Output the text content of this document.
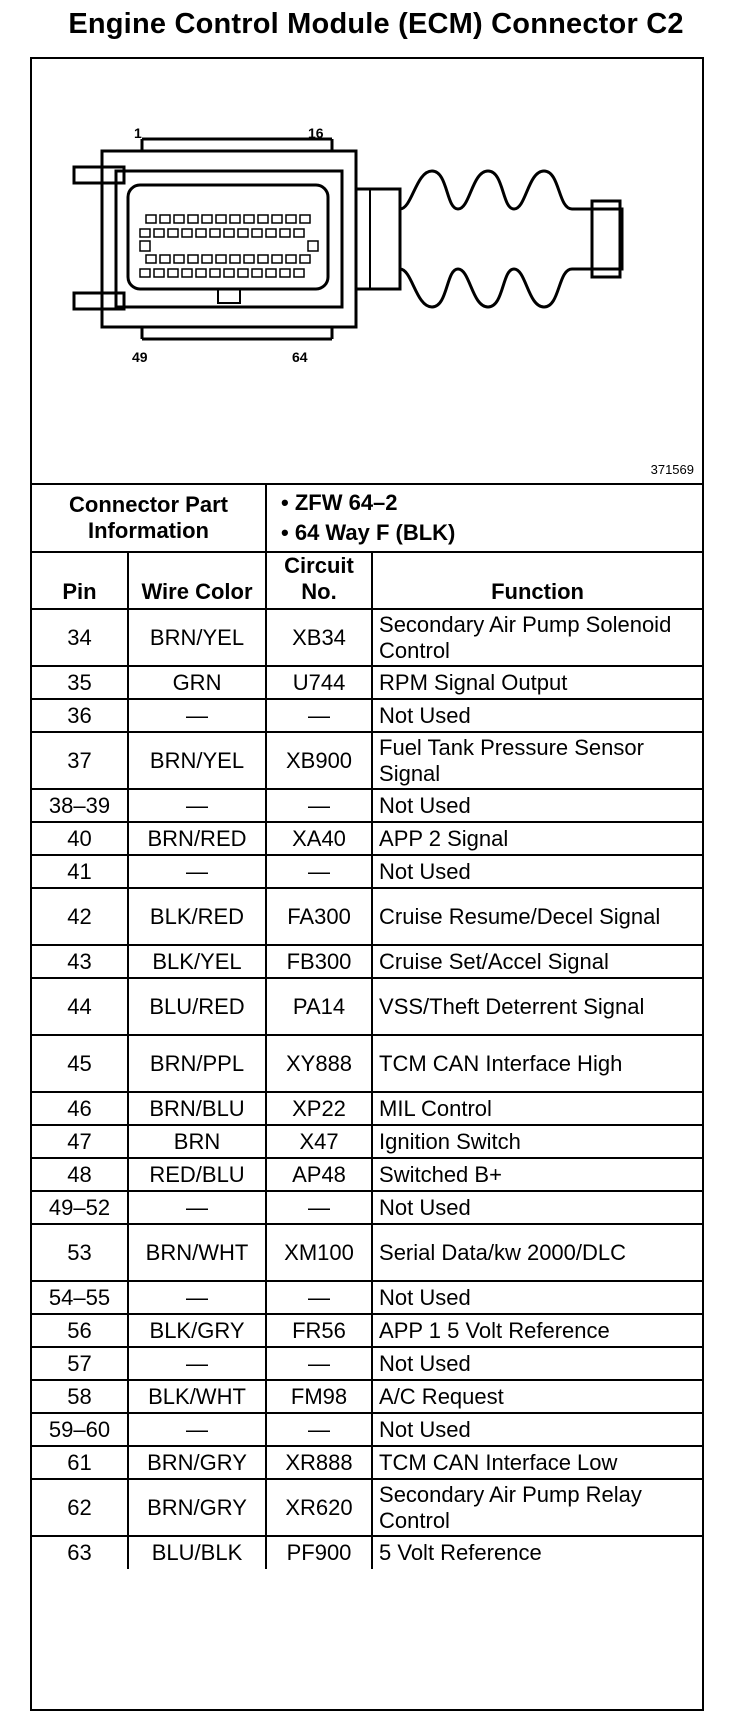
Engine Control Module (ECM) Connector C2
1	16
49	64
371569
Connector Part Information		• ZFW 64–2
• 64 Way F (BLK)	

Pin	Wire Color	Circuit No.	Function
34	BRN/YEL	XB34	Secondary Air Pump Solenoid Control
35	GRN	U744	RPM Signal Output
36	—	—	Not Used
37	BRN/YEL	XB900	Fuel Tank Pressure Sensor Signal
38–39	—	—	Not Used
40	BRN/RED	XA40	APP 2 Signal
41	—	—	Not Used
42	BLK/RED	FA300	Cruise Resume/Decel Signal
43	BLK/YEL	FB300	Cruise Set/Accel Signal
44	BLU/RED	PA14	VSS/Theft Deterrent Signal
45	BRN/PPL	XY888	TCM CAN Interface High
46	BRN/BLU	XP22	MIL Control
47	BRN	X47	Ignition Switch
48	RED/BLU	AP48	Switched B+
49–52	—	—	Not Used
53	BRN/WHT	XM100	Serial Data/kw 2000/DLC
54–55	—	—	Not Used
56	BLK/GRY	FR56	APP 1 5 Volt Reference
57	—	—	Not Used
58	BLK/WHT	FM98	A/C Request
59–60	—	—	Not Used
61	BRN/GRY	XR888	TCM CAN Interface Low
62	BRN/GRY	XR620	Secondary Air Pump Relay Control
63	BLU/BLK	PF900	5 Volt Reference
